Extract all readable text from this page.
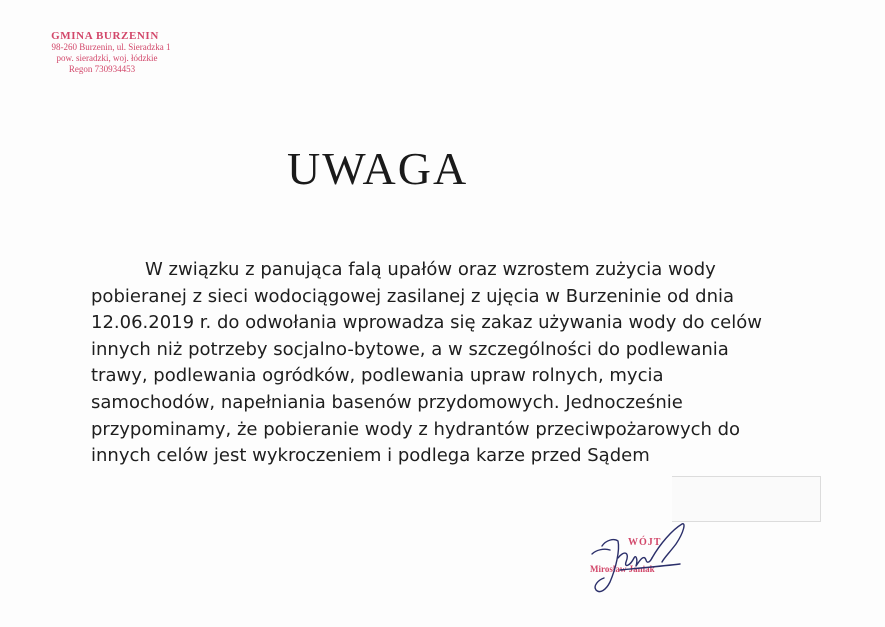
GMINA BURZENIN
98-260 Burzenin, ul. Sieradzka 1
pow. sieradzki, woj. łódzkie
Regon 730934453
UWAGA
W związku z panująca falą upałów oraz wzrostem zużycia wody
pobieranej z sieci wodociągowej zasilanej z ujęcia w Burzeninie od dnia
12.06.2019 r. do odwołania wprowadza się zakaz używania wody do celów
innych niż potrzeby socjalno-bytowe, a w szczególności do podlewania
trawy, podlewania ogródków, podlewania upraw rolnych, mycia
samochodów, napełniania basenów przydomowych. Jednocześnie
przypominamy, że pobieranie wody z hydrantów przeciwpożarowych do
innych celów jest wykroczeniem i podlega karze przed Sądem
WÓJT
Mirosław Janiak
